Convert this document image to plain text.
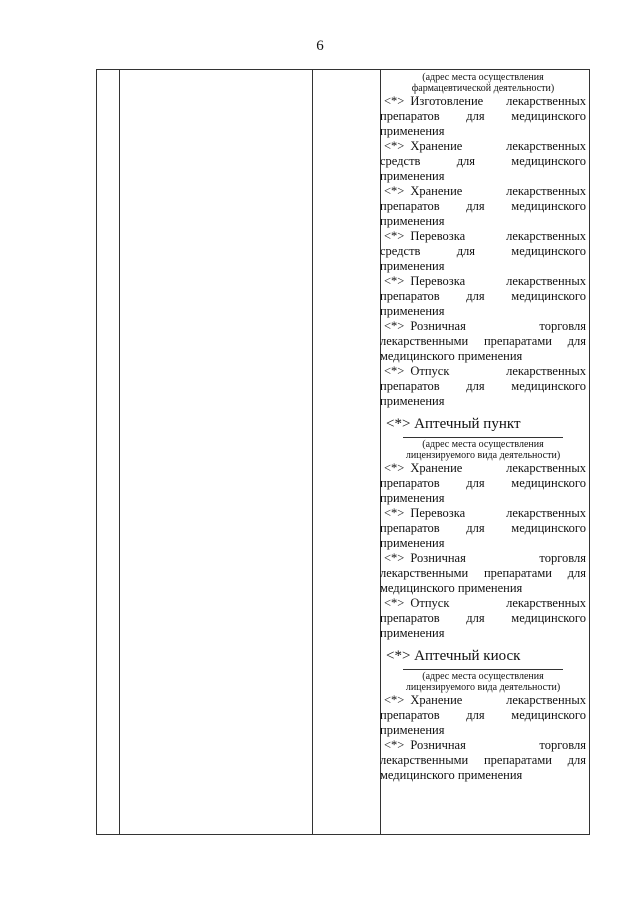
6
(адрес места осуществления
фармацевтической деятельности)
<*> Изготовление лекарственных препаратов для медицинского применения
<*> Хранение лекарственных средств для медицинского применения
<*> Хранение лекарственных препаратов для медицинского применения
<*> Перевозка лекарственных средств для медицинского применения
<*> Перевозка лекарственных препаратов для медицинского применения
<*> Розничная торговля лекарственными препаратами для медицинского применения
<*> Отпуск лекарственных препаратов для медицинского применения
<*> Аптечный пункт
(адрес места осуществления
лицензируемого вида деятельности)
<*> Хранение лекарственных препаратов для медицинского применения
<*> Перевозка лекарственных препаратов для медицинского применения
<*> Розничная торговля лекарственными препаратами для медицинского применения
<*> Отпуск лекарственных препаратов для медицинского применения
<*> Аптечный киоск
(адрес места осуществления
лицензируемого вида деятельности)
<*> Хранение лекарственных препаратов для медицинского применения
<*> Розничная торговля лекарственными препаратами для медицинского применения
